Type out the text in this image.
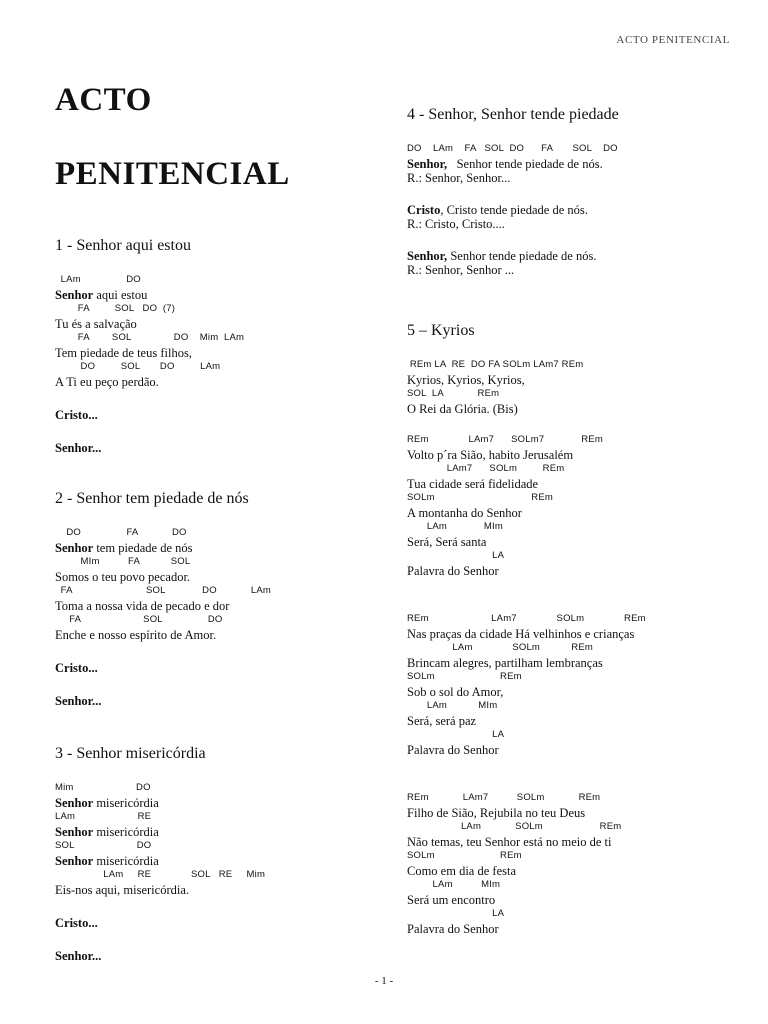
ACTO PENITENCIAL
ACTO
PENITENCIAL
1 - Senhor aqui estou
LAm                DO
Senhor aqui estou
FA         SOL   DO  (7)
Tu és a salvação
FA        SOL               DO    Mim  LAm
Tem piedade de teus filhos,
DO         SOL       DO         LAm
A Ti eu peço perdão.
Cristo...
Senhor...
2 - Senhor tem piedade de nós
DO                FA            DO
Senhor tem piedade de nós
MIm          FA           SOL
Somos o teu povo pecador.
FA                          SOL             DO            LAm
Toma a nossa vida de pecado e dor
FA                      SOL                DO
Enche e nosso espírito de Amor.
Cristo...
Senhor...
3 - Senhor misericórdia
Mim                      DO
Senhor misericórdia
LAm                      RE
Senhor misericórdia
SOL                      DO
Senhor misericórdia
LAm     RE              SOL   RE     Mim
Eis-nos aqui, misericórdia.
Cristo...
Senhor...
4 - Senhor, Senhor tende piedade
DO    LAm    FA   SOL  DO      FA       SOL    DO
Senhor,   Senhor tende piedade de nós.
R.: Senhor, Senhor...
Cristo, Cristo tende piedade de nós.
R.: Cristo, Cristo....
Senhor, Senhor tende piedade de nós.
R.: Senhor, Senhor ...
5 – Kyrios
REm LA  RE  DO FA SOLm LAm7 REm
Kyrios, Kyrios, Kyrios,
SOL  LA            REm
O Rei da Glória. (Bis)
REm              LAm7      SOLm7             REm
Volto p´ra Sião, habito Jerusalém
LAm7      SOLm         REm
Tua cidade será fidelidade
SOLm                                  REm
A montanha do Senhor
LAm             MIm
Será, Será santa
LA
Palavra do Senhor
REm                      LAm7              SOLm              REm
Nas praças da cidade Há velhinhos e crianças
LAm              SOLm           REm
Brincam alegres, partilham lembranças
SOLm                       REm
Sob o sol do Amor,
LAm           MIm
Será, será paz
LA
Palavra do Senhor
REm            LAm7          SOLm            REm
Filho de Sião, Rejubila no teu Deus
LAm            SOLm                    REm
Não temas, teu Senhor está no meio de ti
SOLm                       REm
Como em dia de festa
LAm          MIm
Será um encontro
LA
Palavra do Senhor
- 1 -
